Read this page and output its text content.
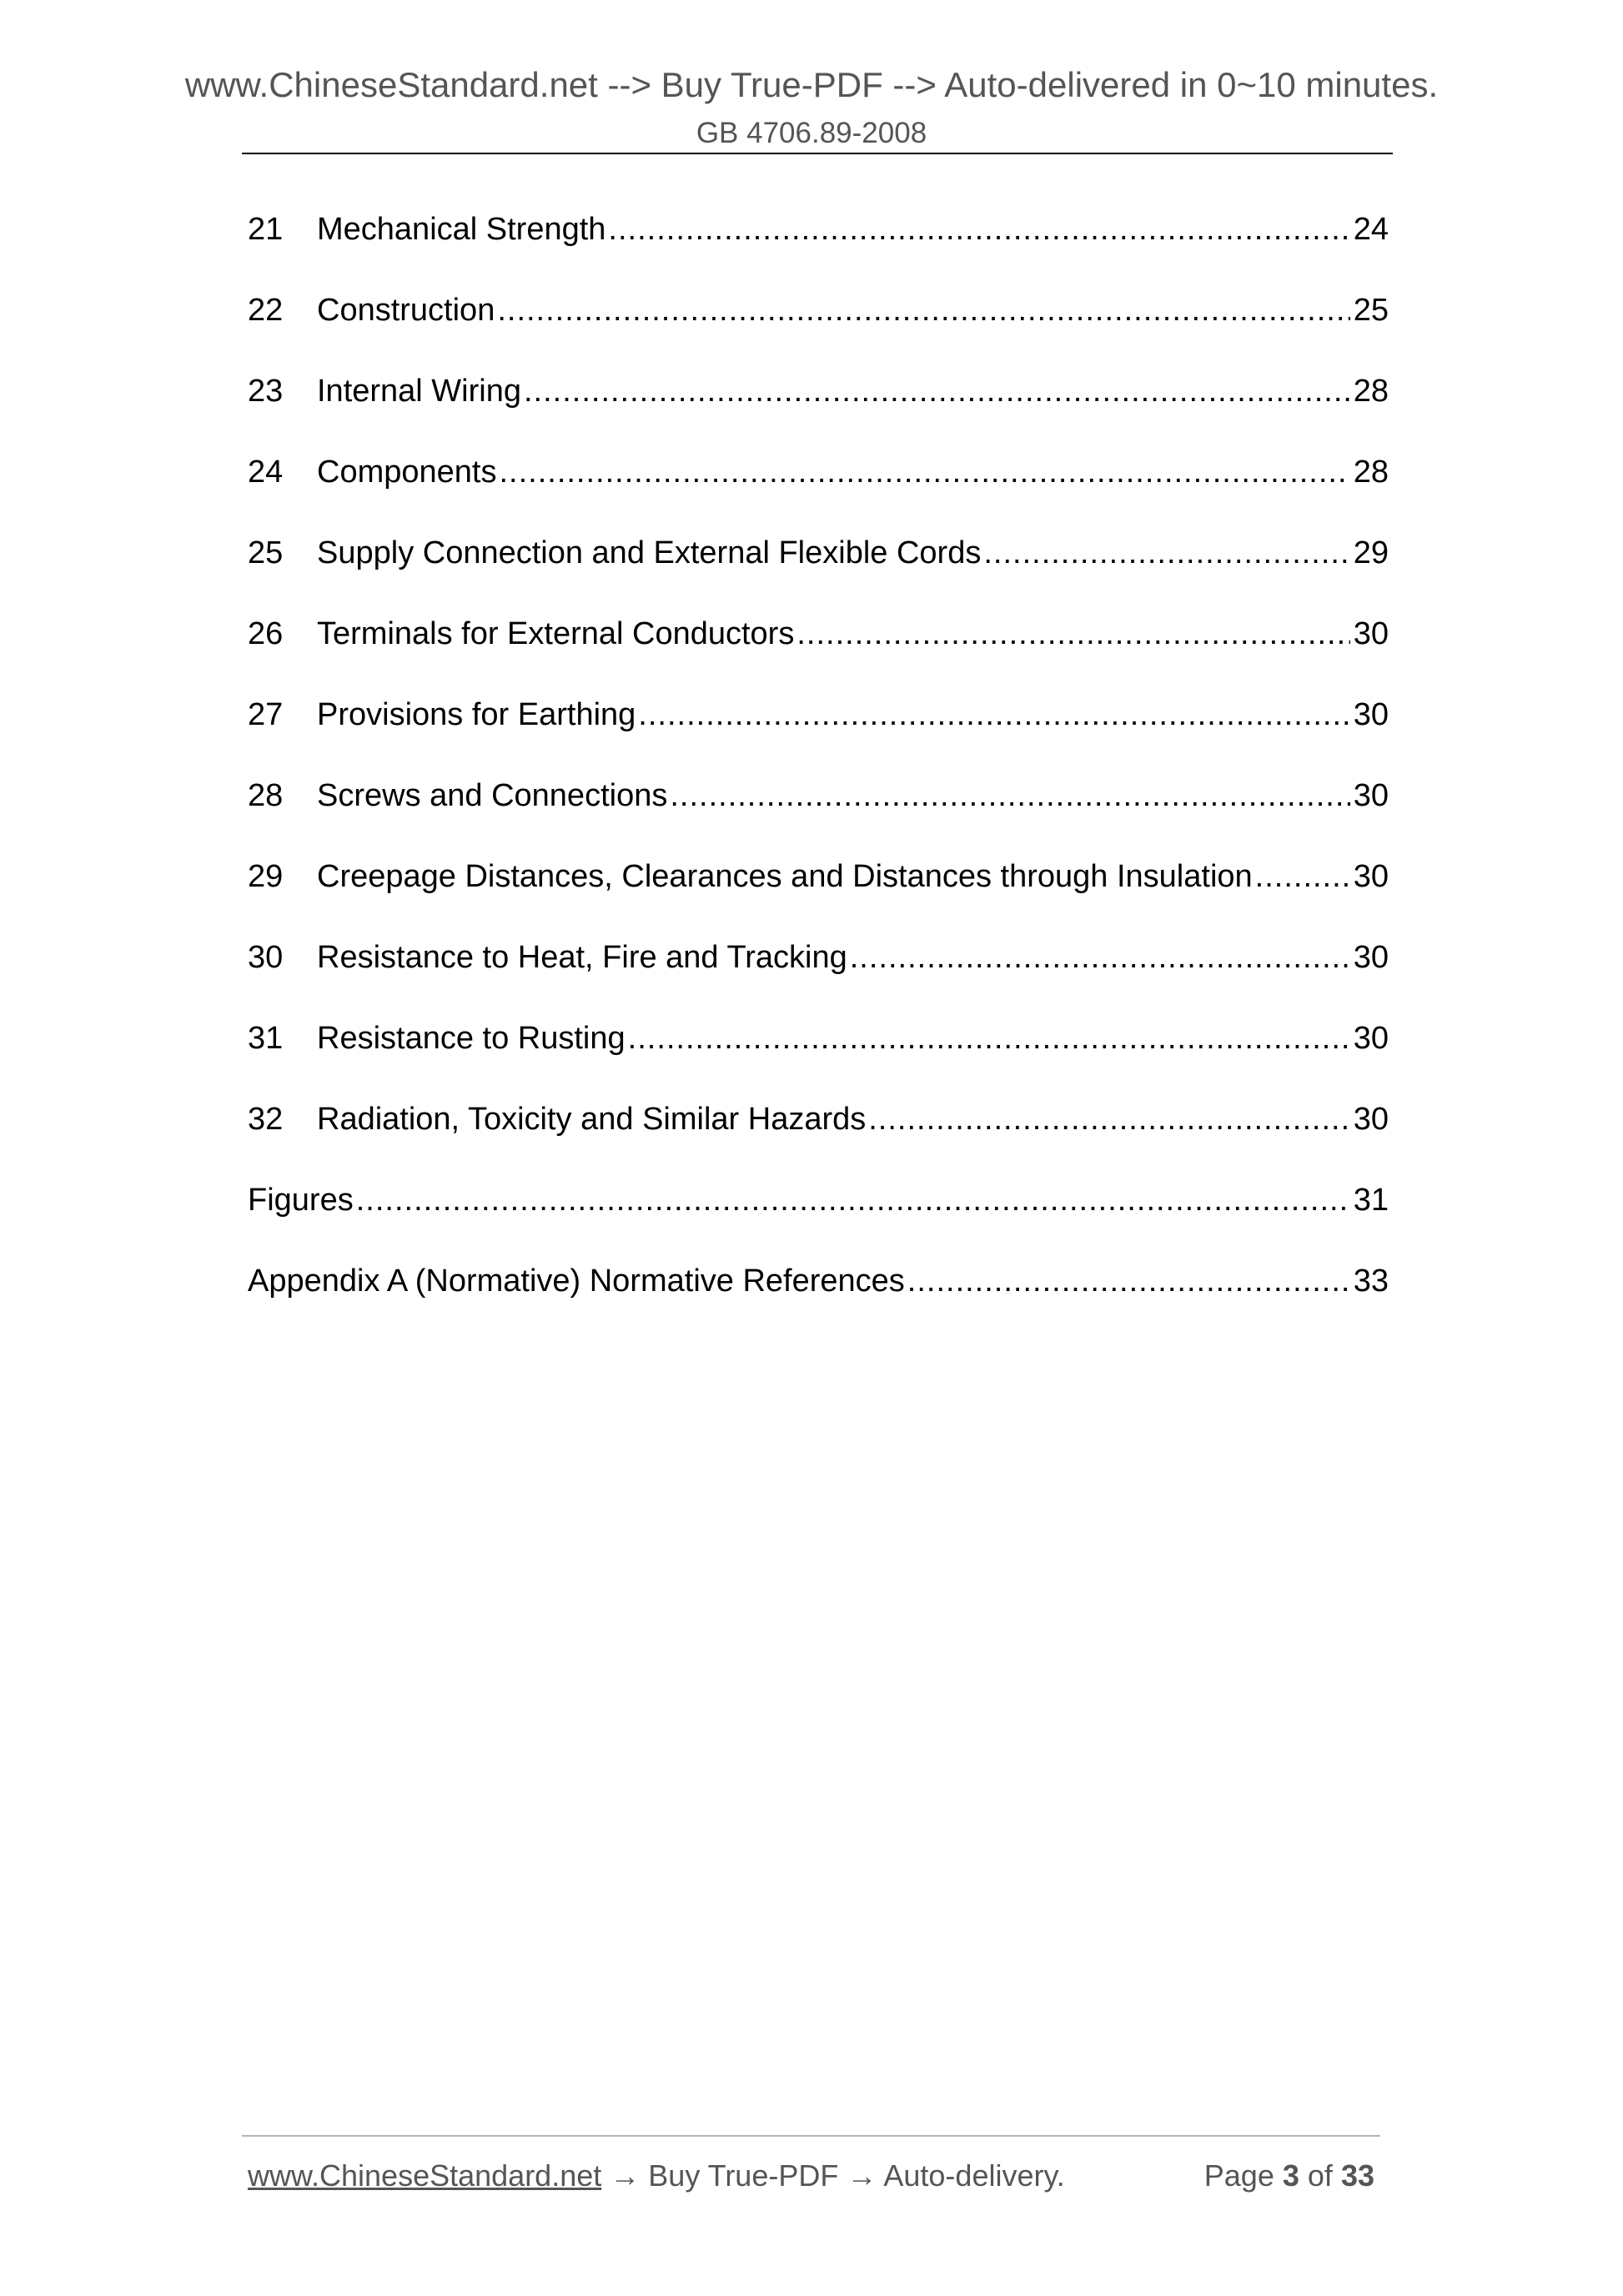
www.ChineseStandard.net --> Buy True-PDF --> Auto-delivered in 0~10 minutes.
GB 4706.89-2008
21	Mechanical Strength .....	24
22	Construction .....	25
23	Internal Wiring .....	28
24	Components .....	28
25	Supply Connection and External Flexible Cords .....	29
26	Terminals for External Conductors .....	30
27	Provisions for Earthing .....	30
28	Screws and Connections .....	30
29	Creepage Distances, Clearances and Distances through Insulation .....	30
30	Resistance to Heat, Fire and Tracking .....	30
31	Resistance to Rusting .....	30
32	Radiation, Toxicity and Similar Hazards .....	30
Figures .....	31
Appendix A (Normative) Normative References .....	33
www.ChineseStandard.net → Buy True-PDF → Auto-delivery.	Page 3 of 33
